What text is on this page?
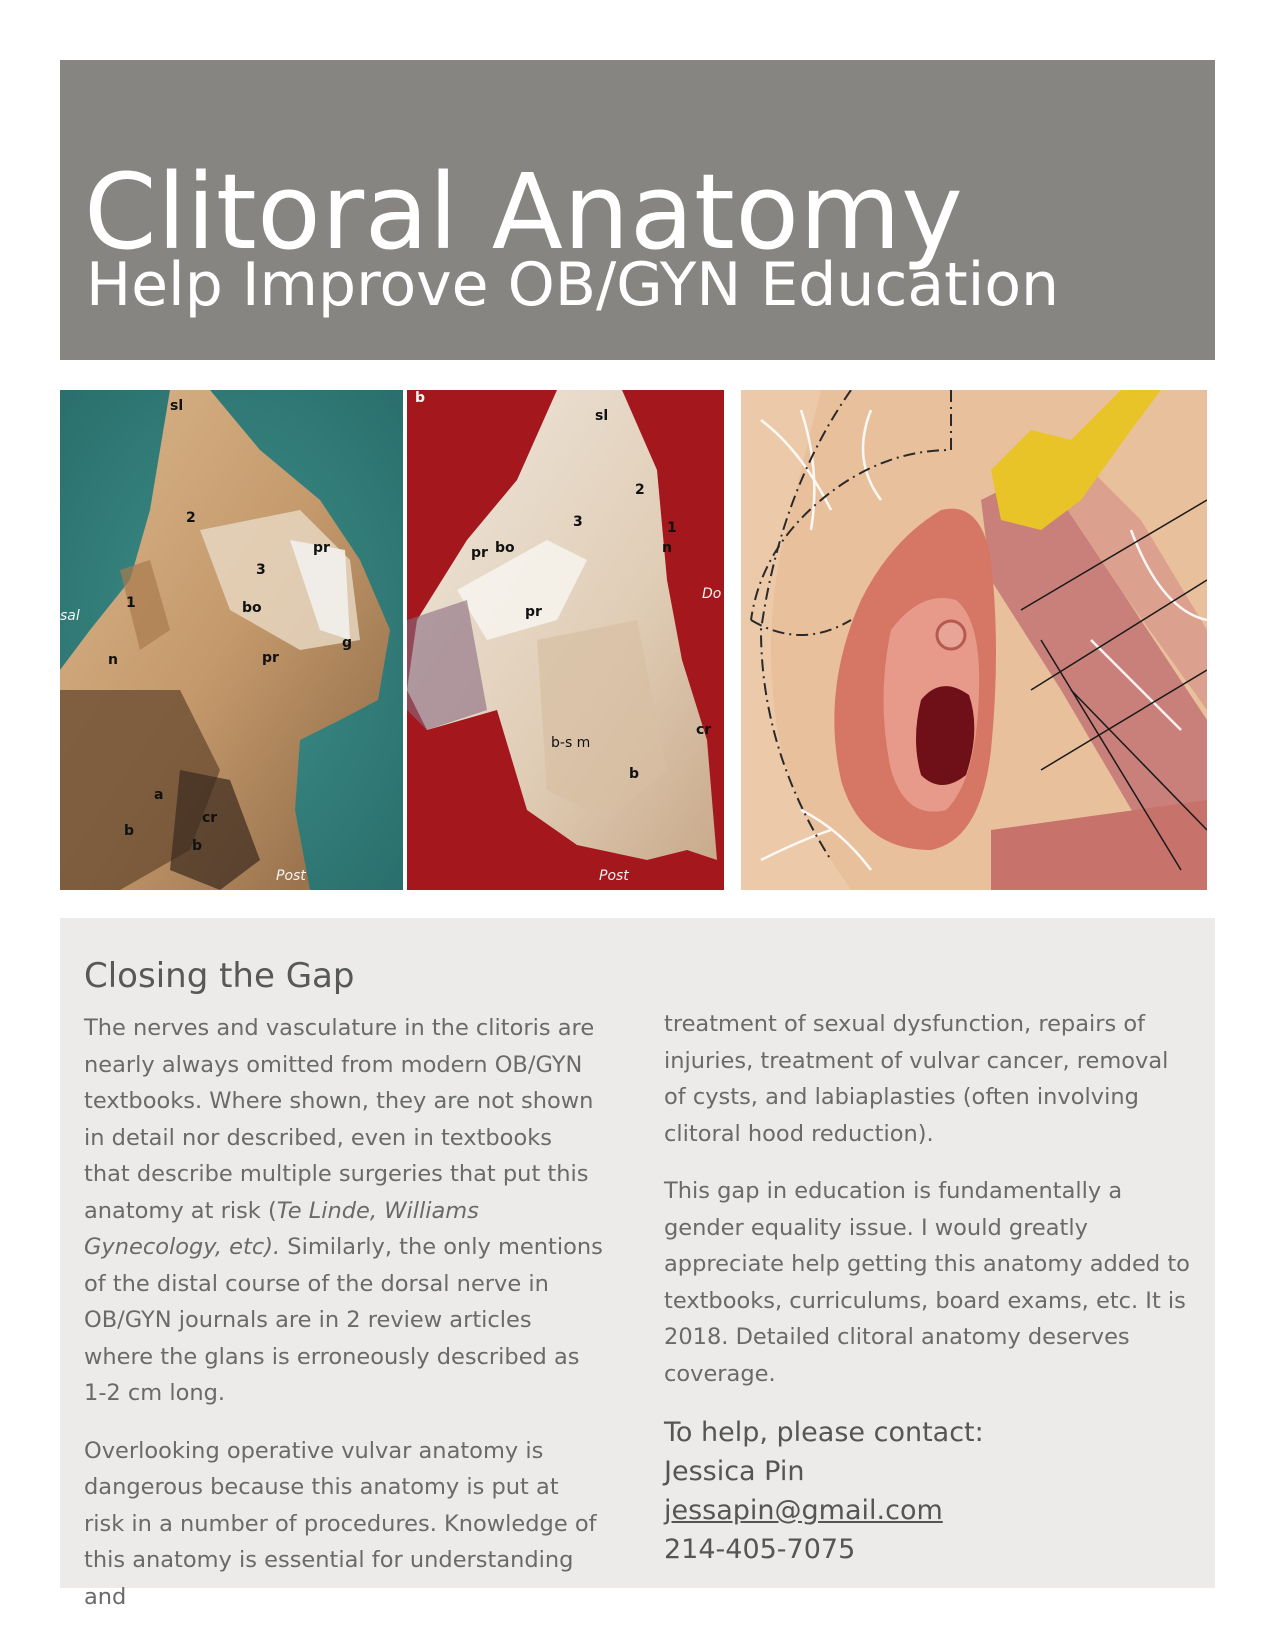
Clitoral Anatomy
Help Improve OB/GYN Education
sl
2
pr
3
1	bo
g
pr
n
a
cr
b
b
Post
sal
b
sl
2
3	1
n
pr bo
pr
Do
cr
b-s m
b
Post
Closing the Gap

The nerves and vasculature in the clitoris are nearly always omitted from modern OB/GYN textbooks. Where shown, they are not shown in detail nor described, even in textbooks that describe multiple surgeries that put this anatomy at risk (Te Linde, Williams Gynecology, etc). Similarly, the only mentions of the distal course of the dorsal nerve in OB/GYN journals are in 2 review articles where the glans is erroneously described as 1-2 cm long.

Overlooking operative vulvar anatomy is dangerous because this anatomy is put at risk in a number of procedures. Knowledge of this anatomy is essential for understanding and

treatment of sexual dysfunction, repairs of injuries, treatment of vulvar cancer, removal of cysts, and labiaplasties (often involving clitoral hood reduction).

This gap in education is fundamentally a gender equality issue. I would greatly appreciate help getting this anatomy added to textbooks, curriculums, board exams, etc. It is 2018. Detailed clitoral anatomy deserves coverage.

To help, please contact:
Jessica Pin
jessapin@gmail.com
214-405-7075
